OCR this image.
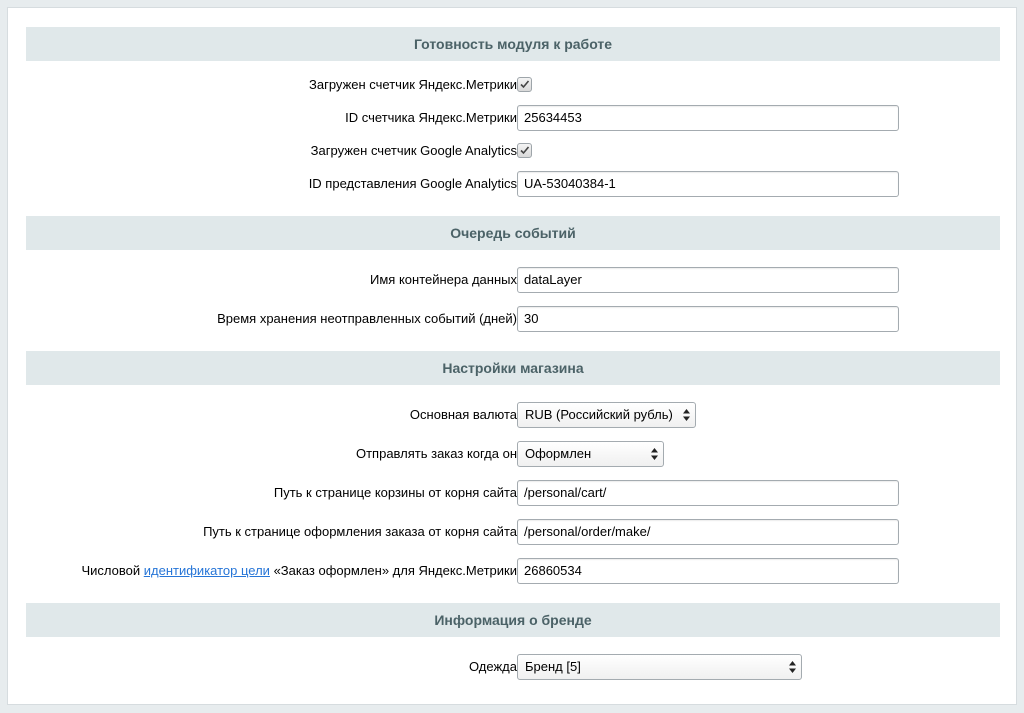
Готовность модуля к работе
Загружен счетчик Яндекс.Метрики
ID счетчика Яндекс.Метрики 25634453
Загружен счетчик Google Analytics
ID представления Google Analytics UA-53040384-1
Очередь событий
Имя контейнера данных dataLayer
Время хранения неотправленных событий (дней) 30
Настройки магазина
Основная валюта RUB (Российский рубль)
Отправлять заказ когда он Оформлен
Путь к странице корзины от корня сайта /personal/cart/
Путь к странице оформления заказа от корня сайта /personal/order/make/
Числовой идентификатор цели «Заказ оформлен» для Яндекс.Метрики 26860534
Информация о бренде
Одежда Бренд [5]
